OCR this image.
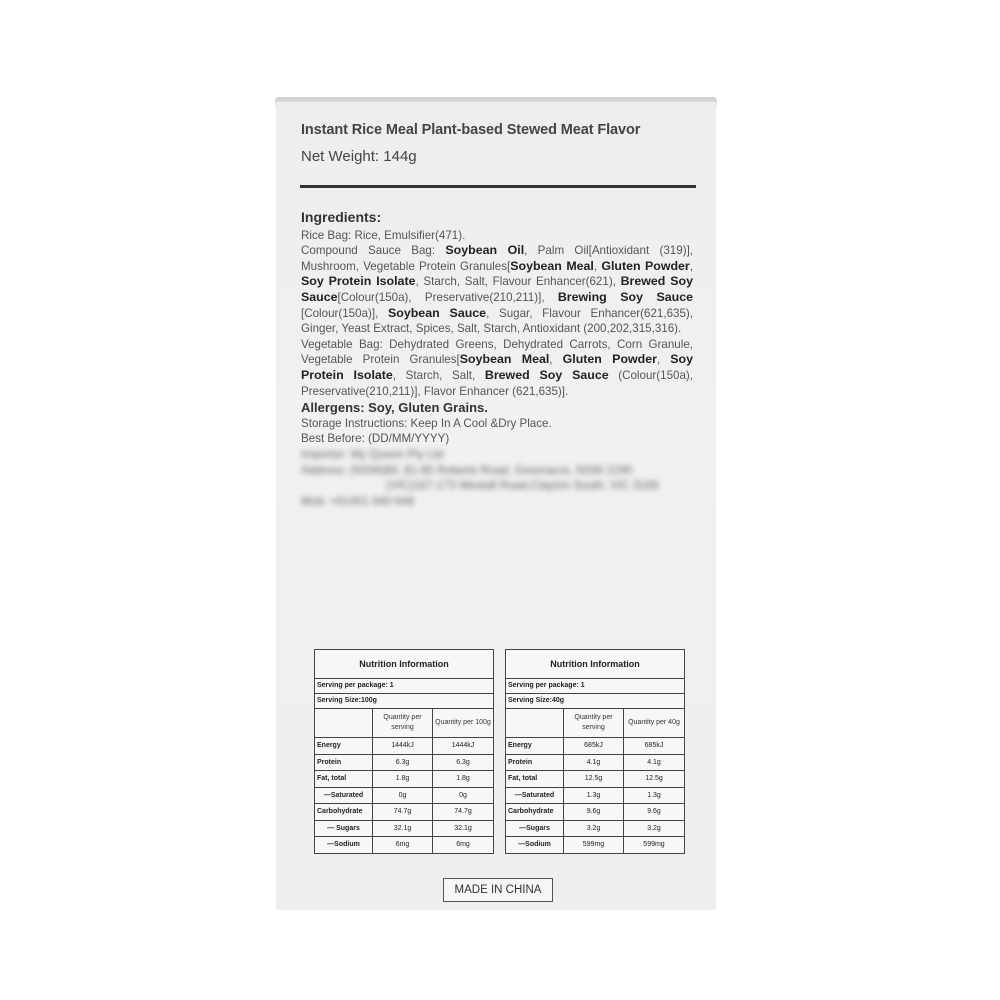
Instant Rice Meal Plant-based Stewed Meat Flavor
Net Weight: 144g
Ingredients:

Rice Bag: Rice, Emulsifier(471).

Compound Sauce Bag: Soybean Oil, Palm Oil[Antioxidant (319)], Mushroom, Vegetable Protein Granules[Soybean Meal, Gluten Powder, Soy Protein Isolate, Starch, Salt, Flavour Enhancer(621), Brewed Soy Sauce[Colour(150a), Preservative(210,211)], Brewing Soy Sauce [Colour(150a)], Soybean Sauce, Sugar, Flavour Enhancer(621,635), Ginger, Yeast Extract, Spices, Salt, Starch, Antioxidant (200,202,315,316).

Vegetable Bag: Dehydrated Greens, Dehydrated Carrots, Corn Granule, Vegetable Protein Granules[Soybean Meal, Gluten Powder, Soy Protein Isolate, Starch, Salt, Brewed Soy Sauce (Colour(150a), Preservative(210,211)], Flavor Enhancer (621,635)].

Allergens: Soy, Gluten Grains.

Storage Instructions: Keep In A Cool &Dry Place.

Best Before: (DD/MM/YYYY)

Importer: My Queen Pty Ltd

Address: (NSW)80, 81-85 Roberts Road, Greenacre, NSW 2190

(VIC)167-173 Westall Road,Clayton South, VIC 3169

Mob: +61451 640 648

Nutrition Information
Serving per package: 1
Serving Size:100g
Quantity per serving
Quantity per 100g
Energy	1444kJ	1444kJ
Protein	6.3g	6.3g
Fat, total	1.8g	1.8g
—Saturated	0g	0g
Carbohydrate	74.7g	74.7g
— Sugars	32.1g	32.1g
—Sodium	6mg	6mg
Nutrition Information
Serving per package: 1
Serving Size:40g
Quantity per serving
Quantity per 40g
Energy	685kJ	685kJ
Protein	4.1g	4.1g
Fat, total	12.5g	12.5g
—Saturated	1.3g	1.3g
Carbohydrate	9.6g	9.6g
—Sugars	3.2g	3.2g
—Sodium	599mg	599mg
MADE IN CHINA
